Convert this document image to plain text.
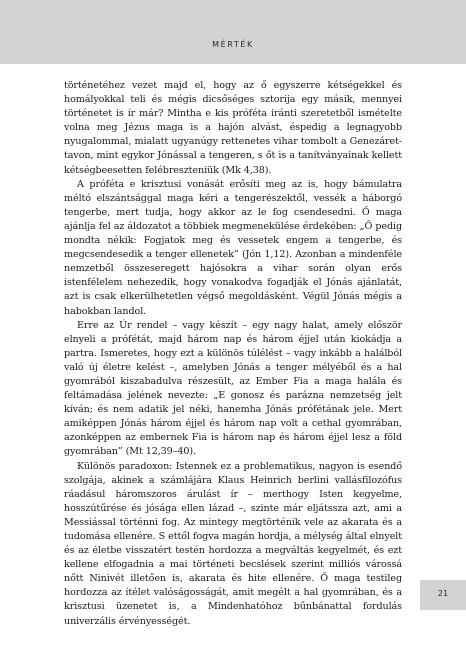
MÉRTÉK

történetéhez vezet majd el, hogy az ő egyszerre kétségekkel és homályokkal teli és mégis dicsőséges sztorija egy másik, mennyei történetet is ír már? Mintha e kis próféta iránti szeretetből ismételte volna meg Jézus maga is a hajón alvást, éspedig a legnagyobb nyugalommal, mialatt ugyanúgy rettenetes vihar tombolt a Genezáret-tavon, mint egykor Jónással a tengeren, s őt is a tanítványainak kellett kétségbeesetten felébreszteniük (Mk 4,38).

A próféta e krisztusi vonását erősíti meg az is, hogy bámulatra méltó elszántsággal maga kéri a tengerészektől, vessék a háborgó tengerbe, mert tudja, hogy akkor az le fog csendesedni. Ő maga ajánlja fel az áldozatot a többiek megmenekülése érdekében: „Ő pedig mondta nékik: Fogjatok meg és vessetek engem a tengerbe, és megcsendesedik a tenger ellenetek” (Jón 1,12). Azonban a mindenféle nemzetből összeseregett hajósokra a vihar során olyan erős istenfélelem nehezedik, hogy vonakodva fogadják el Jónás ajánlatát, azt is csak elkerülhetetlen végső megoldásként. Végül Jónás mégis a habokban landol.

Erre az Úr rendel – vagy készít – egy nagy halat, amely először elnyeli a prófétát, majd három nap és három éjjel után kiokádja a partra. Ismeretes, hogy ezt a különös túlélést – vagy inkább a halálból való új életre kelést –, amelyben Jónás a tenger mélyéből és a hal gyomrából kiszabadulva részesült, az Ember Fia a maga halála és feltámadása jelének nevezte: „E gonosz és parázna nemzetség jelt kíván; és nem adatik jel néki, hanemha Jónás prófétának jele. Mert amiképpen Jónás három éjjel és három nap volt a cethal gyomrában, azonképpen az embernek Fia is három nap és három éjjel lesz a föld gyomrában” (Mt 12,39–40).

Különös paradoxon: Istennek ez a problematikus, nagyon is esendő szolgája, akinek a számlájára Klaus Heinrich berlini vallásfilozófus ráadásul háromszoros árulást ír – merthogy Isten kegyelme, hosszútűrése és jósága ellen lázad –, szinte már eljátssza azt, ami a Messiással történni fog. Az mintegy megtörténik vele az akarata és a tudomása ellenére. S ettől fogva magán hordja, a mélység által elnyelt és az életbe visszatért testén hordozza a megváltás kegyelmét, és ezt kellene elfogadnia a mai történeti becslések szerint milliós várossá nőtt Ninivét illetően is, akarata és hite ellenére. Ő maga testileg hordozza az ítélet valóságosságát, amit megélt a hal gyomrában, és a krisztusi üzenetet is, a Mindenhatóhoz bűnbánattal fordulás univerzális érvényességét.

21
